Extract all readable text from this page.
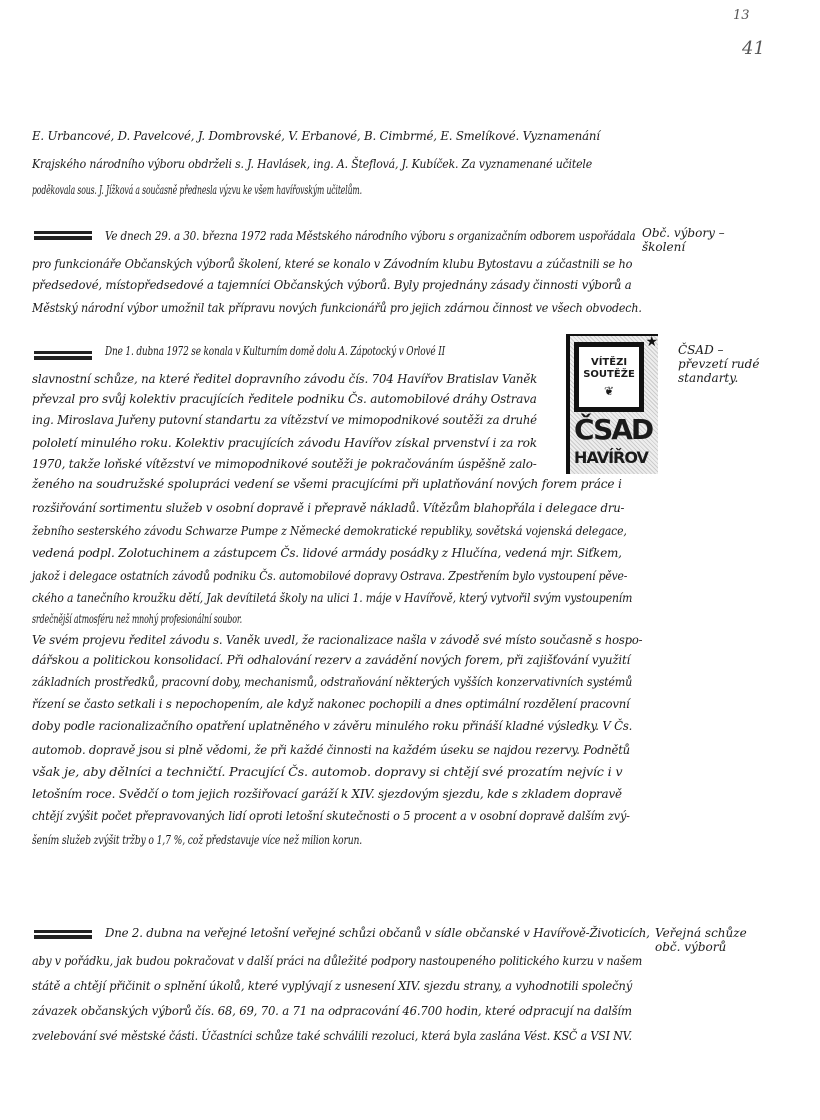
13
41
E. Urbancové, D. Pavelcové, J. Dombrovské, V. Erbanové, B. Cimbrmé, E. Smelíkové. Vyznamenání
Krajského národního výboru obdrželi s. J. Havlásek, ing. A. Šteflová, J. Kubíček. Za vyznamenané učitele
poděkovala sous. J. Jížková a současně přednesla výzvu ke všem havířovským učitelům.
Ve dnech 29. a 30. března 1972 rada Městského národního výboru s organizačním odborem uspořádala
pro funkcionáře Občanských výborů školení, které se konalo v Závodním klubu Bytostavu a zúčastnili se ho
předsedové, místopředsedové a tajemníci Občanských výborů. Byly projednány zásady činnosti výborů a
Městský národní výbor umožnil tak přípravu nových funkcionářů pro jejich zdárnou činnost ve všech obvodech.
Dne 1. dubna 1972 se konala v Kulturním domě dolu A. Zápotocký v Orlové II
slavnostní schůze, na které ředitel dopravního závodu čís. 704 Havířov Bratislav Vaněk
převzal pro svůj kolektiv pracujících ředitele podniku Čs. automobilové dráhy Ostrava
ing. Miroslava Juřeny putovní standartu za vítězství ve mimopodnikové soutěži za druhé
pololetí minulého roku. Kolektiv pracujících závodu Havířov získal prvenství i za rok
1970, takže loňské vítězství ve mimopodnikové soutěži je pokračováním úspěšně zalo-
ženého na soudružské spolupráci vedení se všemi pracujícími při uplatňování nových forem práce i
rozšiřování sortimentu služeb v osobní dopravě i přepravě nákladů. Vítězům blahopřála i delegace dru-
žebního sesterského závodu Schwarze Pumpe z Německé demokratické republiky, sovětská vojenská delegace,
vedená podpl. Zolotuchinem a zástupcem Čs. lidové armády posádky z Hlučína, vedená mjr. Siťkem,
jakož i delegace ostatních závodů podniku Čs. automobilové dopravy Ostrava. Zpestřením bylo vystoupení pěve-
ckého a tanečního kroužku dětí, Jak devítiletá školy na ulici 1. máje v Havířově, který vytvořil svým vystoupením
srdečnější atmosféru než mnohý profesionální soubor.
Ve svém projevu ředitel závodu s. Vaněk uvedl, že racionalizace našla v závodě své místo současně s hospo-
dářskou a politickou konsolidací. Při odhalování rezerv a zavádění nových forem, při zajišťování využití
základních prostředků, pracovní doby, mechanismů, odstraňování některých vyšších konzervativních systémů
řízení se často setkali i s nepochopením, ale když nakonec pochopili a dnes optimální rozdělení pracovní
doby podle racionalizačního opatření uplatněného v závěru minulého roku přináší kladné výsledky. V Čs.
automob. dopravě jsou si plně vědomi, že při každé činnosti na každém úseku se najdou rezervy. Podnětů
však je, aby dělníci a techničtí. Pracující Čs. automob. dopravy si chtějí své prozatím nejvíc i v
letošním roce. Svědčí o tom jejich rozšiřovací garáží k XIV. sjezdovým sjezdu, kde s zkladem dopravě
chtějí zvýšit počet přepravovaných lidí oproti letošní skutečnosti o 5 procent a v osobní dopravě dalším zvý-
šením služeb zvýšit tržby o 1,7 %, což představuje více než milion korun.
Dne 2. dubna na veřejné letošní veřejné schůzi občanů v sídle občanské v Havířově-Životicích,
aby v pořádku, jak budou pokračovat v další práci na důležité podpory nastoupeného politického kurzu v našem
státě a chtějí přičinit o splnění úkolů, které vyplývají z usnesení XIV. sjezdu strany, a vyhodnotili společný
závazek občanských výborů čís. 68, 69, 70. a 71 na odpracování 46.700 hodin, které odpracují na dalším
zvelebování své městské části. Účastníci schůze také schválili rezoluci, která byla zaslána Vést. KSČ a VSI NV.
Obč. výbory –
školení
ČSAD –
převzetí rudé
standarty.
Veřejná schůze
obč. výborů
★
VÍTĚZI SOUTĚŽE
❦
ČSAD
HAVÍŘOV
